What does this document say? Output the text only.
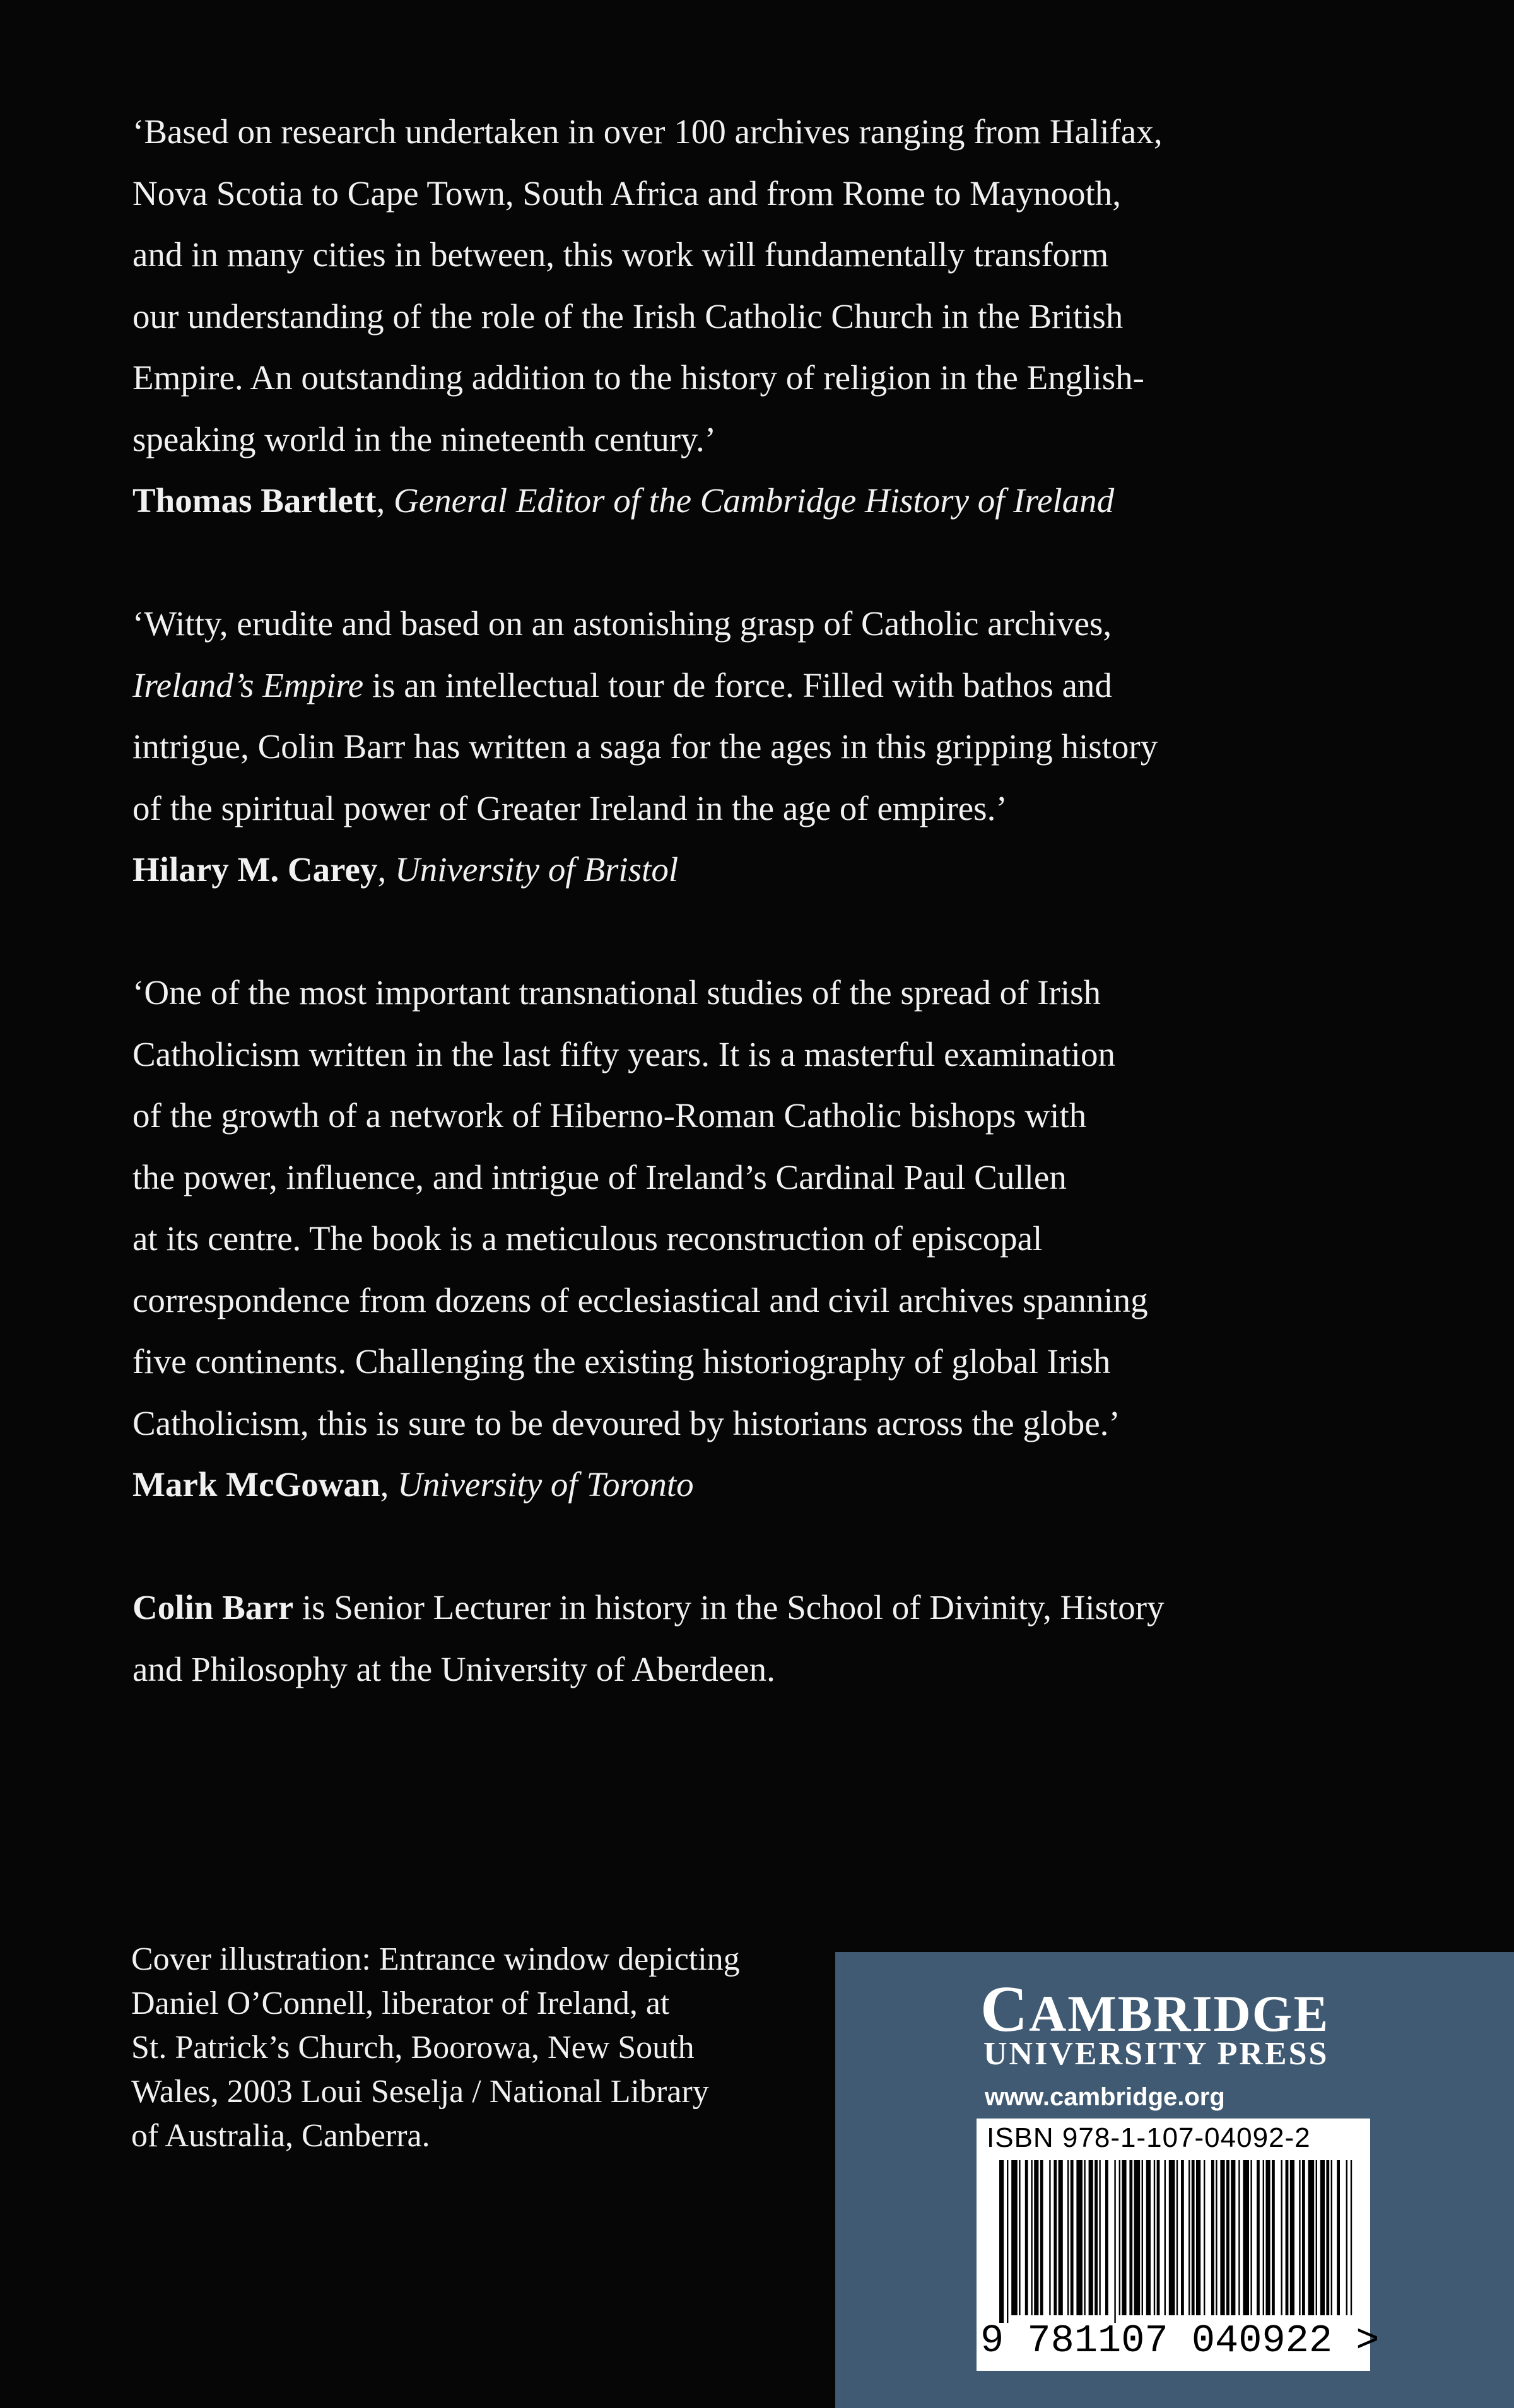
‘Based on research undertaken in over 100 archives ranging from Halifax,
Nova Scotia to Cape Town, South Africa and from Rome to Maynooth,
and in many cities in between, this work will fundamentally transform
our understanding of the role of the Irish Catholic Church in the British
Empire. An outstanding addition to the history of religion in the English-
speaking world in the nineteenth century.’
Thomas Bartlett, General Editor of the Cambridge History of Ireland
‘Witty, erudite and based on an astonishing grasp of Catholic archives,
Ireland’s Empire is an intellectual tour de force. Filled with bathos and
intrigue, Colin Barr has written a saga for the ages in this gripping history
of the spiritual power of Greater Ireland in the age of empires.’
Hilary M. Carey, University of Bristol
‘One of the most important transnational studies of the spread of Irish
Catholicism written in the last fifty years. It is a masterful examination
of the growth of a network of Hiberno-Roman Catholic bishops with
the power, influence, and intrigue of Ireland’s Cardinal Paul Cullen
at its centre. The book is a meticulous reconstruction of episcopal
correspondence from dozens of ecclesiastical and civil archives spanning
five continents. Challenging the existing historiography of global Irish
Catholicism, this is sure to be devoured by historians across the globe.’
Mark McGowan, University of Toronto
Colin Barr is Senior Lecturer in history in the School of Divinity, History
and Philosophy at the University of Aberdeen.
Cover illustration: Entrance window depicting
Daniel O’Connell, liberator of Ireland, at
St. Patrick’s Church, Boorowa, New South
Wales, 2003 Loui Seselja / National Library
of Australia, Canberra.
CAMBRIDGE
UNIVERSITY PRESS
www.cambridge.org
ISBN 978-1-107-04092-2
9 781107 040922 >
